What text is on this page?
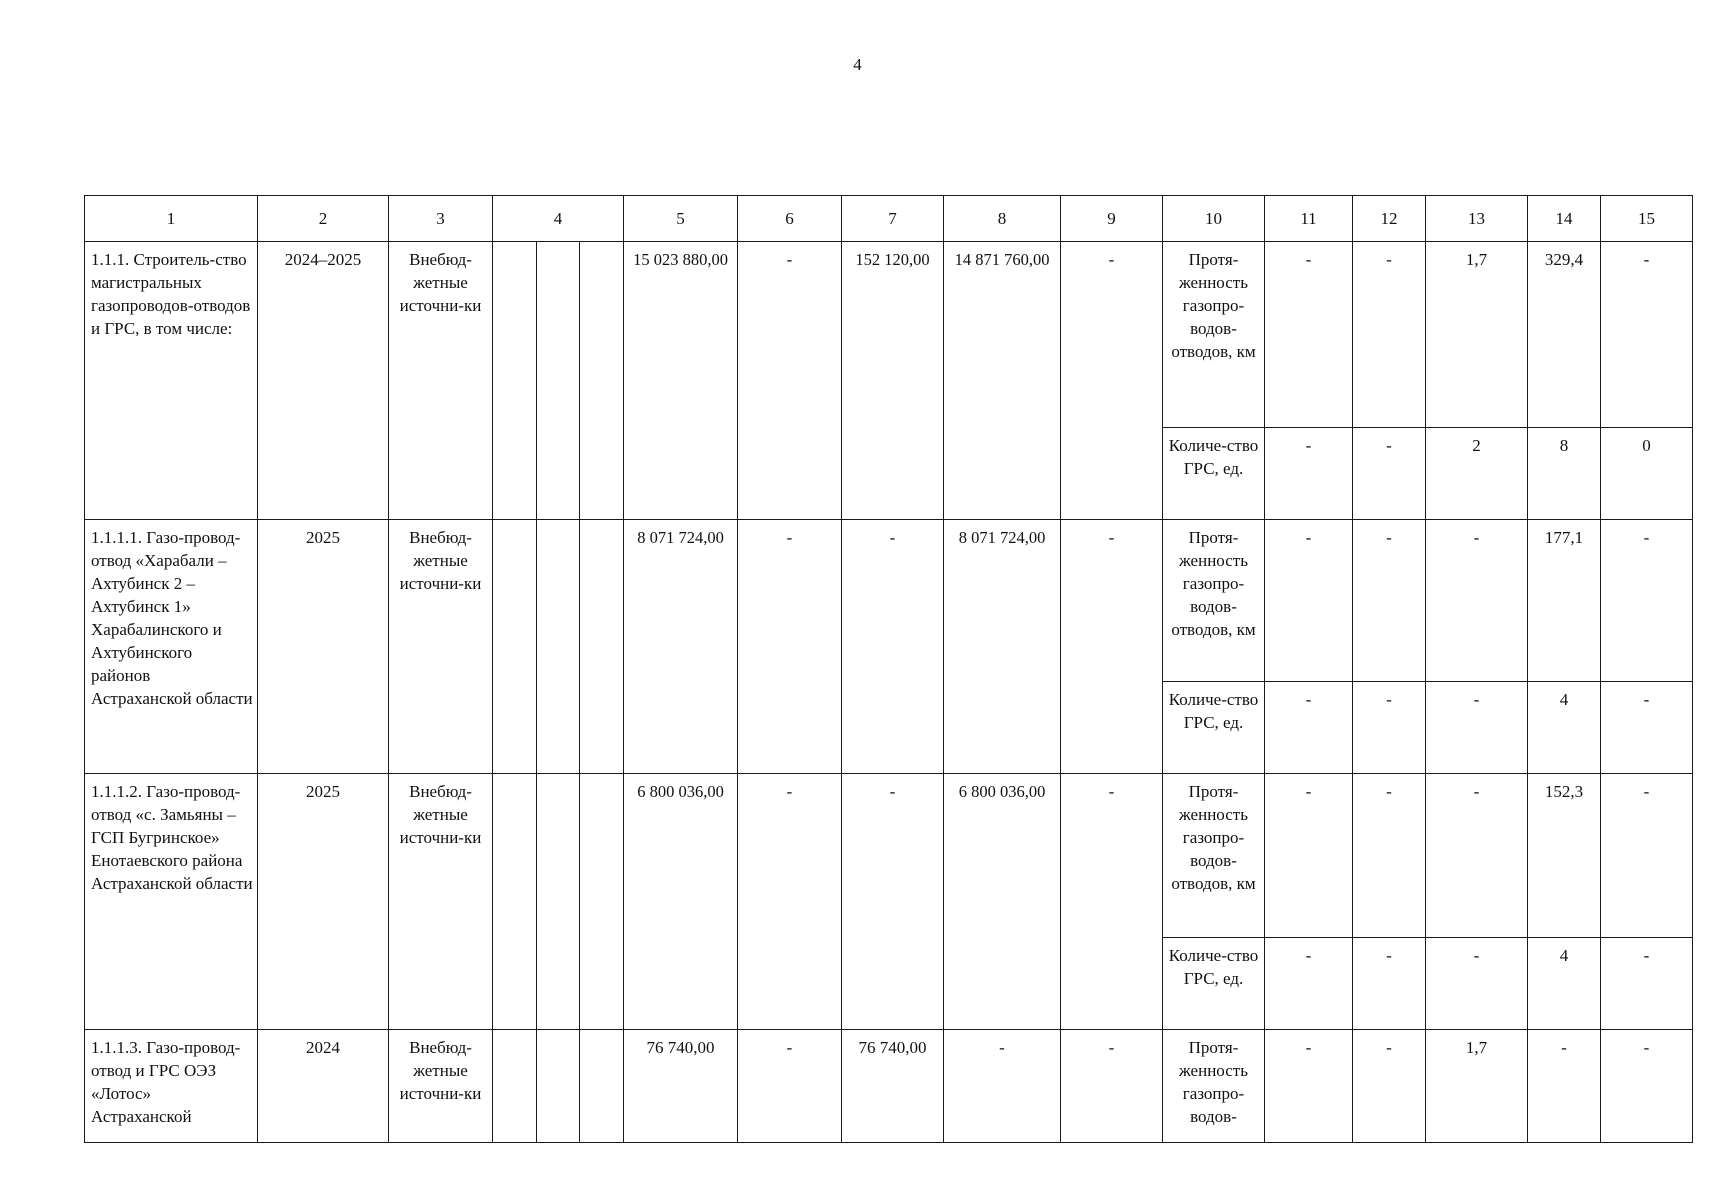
4
1	2	3	4	5	6	7	8	9	10	11	12	13	14	15
1.1.1. Строитель-ство магистральных газопроводов-отводов и ГРС, в том числе:	2024–2025	Внебюд-жетные источни-ки		15 023 880,00	-	152 120,00	14 871 760,00	-	Протя-женность газопро-водов-отводов, км	-	-	1,7	329,4	-
									Количе-ство ГРС, ед.	-	-	2	8	0
1.1.1.1. Газо-провод-отвод «Харабали – Ахтубинск 2 – Ахтубинск 1» Харабалинского и Ахтубинского районов Астраханской области	2025	Внебюд-жетные источни-ки		8 071 724,00	-	-	8 071 724,00	-	Протя-женность газопро-водов-отводов, км	-	-	-	177,1	-
									Количе-ство ГРС, ед.	-	-	-	4	-
1.1.1.2. Газо-провод-отвод «с. Замьяны – ГСП Бугринское» Енотаевского района Астраханской области	2025	Внебюд-жетные источни-ки		6 800 036,00	-	-	6 800 036,00	-	Протя-женность газопро-водов-отводов, км	-	-	-	152,3	-
									Количе-ство ГРС, ед.	-	-	-	4	-
1.1.1.3. Газо-провод-отвод и ГРС ОЭЗ «Лотос» Астраханской	2024	Внебюд-жетные источни-ки		76 740,00	-	76 740,00	-	-	Протя-женность газопро-водов-	-	-	1,7	-	-
